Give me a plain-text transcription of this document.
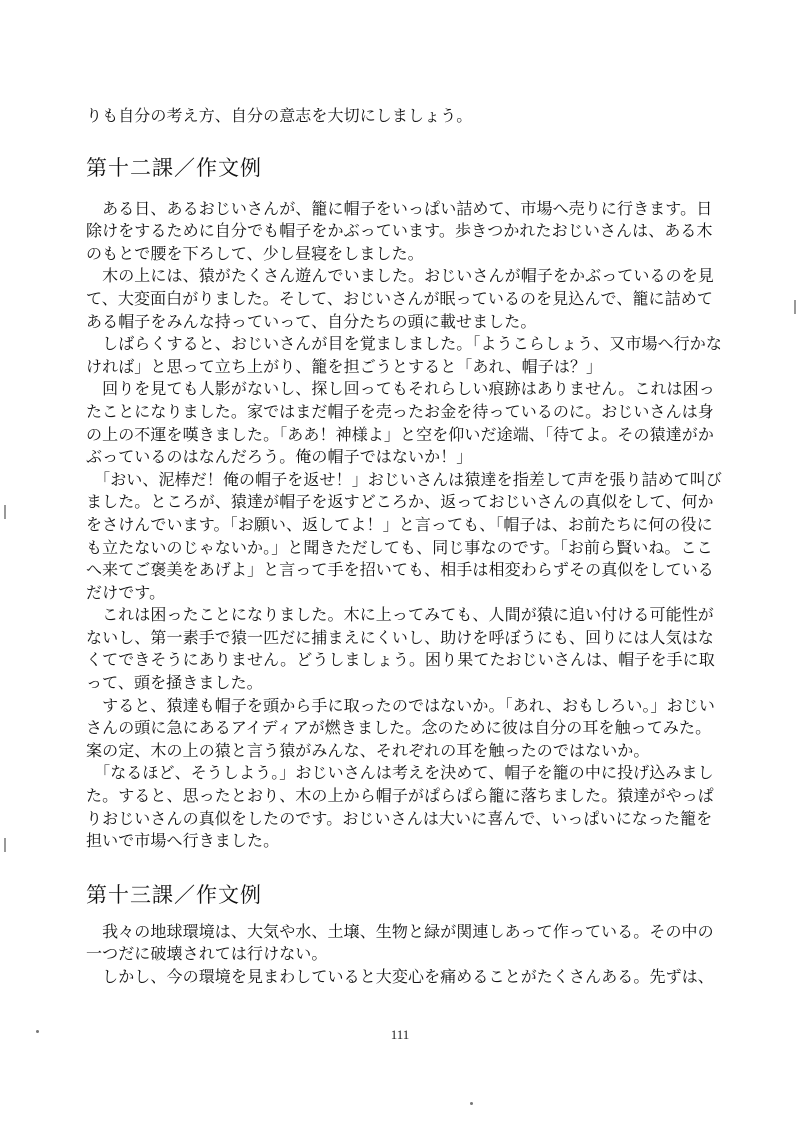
りも自分の考え方、自分の意志を大切にしましょう。
第十二課／作文例
　ある日、あるおじいさんが、籠に帽子をいっぱい詰めて、市場へ売りに行きます。日
除けをするために自分でも帽子をかぶっています。歩きつかれたおじいさんは、ある木
のもとで腰を下ろして、少し昼寝をしました。
　木の上には、猿がたくさん遊んでいました。おじいさんが帽子をかぶっているのを見
て、大変面白がりました。そして、おじいさんが眠っているのを見込んで、籠に詰めて
ある帽子をみんな持っていって、自分たちの頭に載せました。
　しばらくすると、おじいさんが目を覚ましました。「ようこらしょう、又市場へ行かな
ければ」と思って立ち上がり、籠を担ごうとすると「あれ、帽子は？」
　回りを見ても人影がないし、探し回ってもそれらしい痕跡はありません。これは困っ
たことになりました。家ではまだ帽子を売ったお金を待っているのに。おじいさんは身
の上の不運を嘆きました。「ああ！神様よ」と空を仰いだ途端、「待てよ。その猿達がか
ぶっているのはなんだろう。俺の帽子ではないか！」
　「おい、泥棒だ！俺の帽子を返せ！」おじいさんは猿達を指差して声を張り詰めて叫び
ました。ところが、猿達が帽子を返すどころか、返っておじいさんの真似をして、何か
をさけんでいます。「お願い、返してよ！」と言っても、「帽子は、お前たちに何の役に
も立たないのじゃないか。」と聞きただしても、同じ事なのです。「お前ら賢いね。ここ
へ来てご褒美をあげよ」と言って手を招いても、相手は相変わらずその真似をしている
だけです。
　これは困ったことになりました。木に上ってみても、人間が猿に追い付ける可能性が
ないし、第一素手で猿一匹だに捕まえにくいし、助けを呼ぼうにも、回りには人気はな
くてできそうにありません。どうしましょう。困り果てたおじいさんは、帽子を手に取
って、頭を掻きました。
　すると、猿達も帽子を頭から手に取ったのではないか。「あれ、おもしろい。」おじい
さんの頭に急にあるアイディアが燃きました。念のために彼は自分の耳を触ってみた。
案の定、木の上の猿と言う猿がみんな、それぞれの耳を触ったのではないか。
　「なるほど、そうしよう。」おじいさんは考えを決めて、帽子を籠の中に投げ込みまし
た。すると、思ったとおり、木の上から帽子がぱらぱら籠に落ちました。猿達がやっぱ
りおじいさんの真似をしたのです。おじいさんは大いに喜んで、いっぱいになった籠を
担いで市場へ行きました。
第十三課／作文例
　我々の地球環境は、大気や水、土壌、生物と緑が関連しあって作っている。その中の
一つだに破壊されては行けない。
　しかし、今の環境を見まわしていると大変心を痛めることがたくさんある。先ずは、
111
